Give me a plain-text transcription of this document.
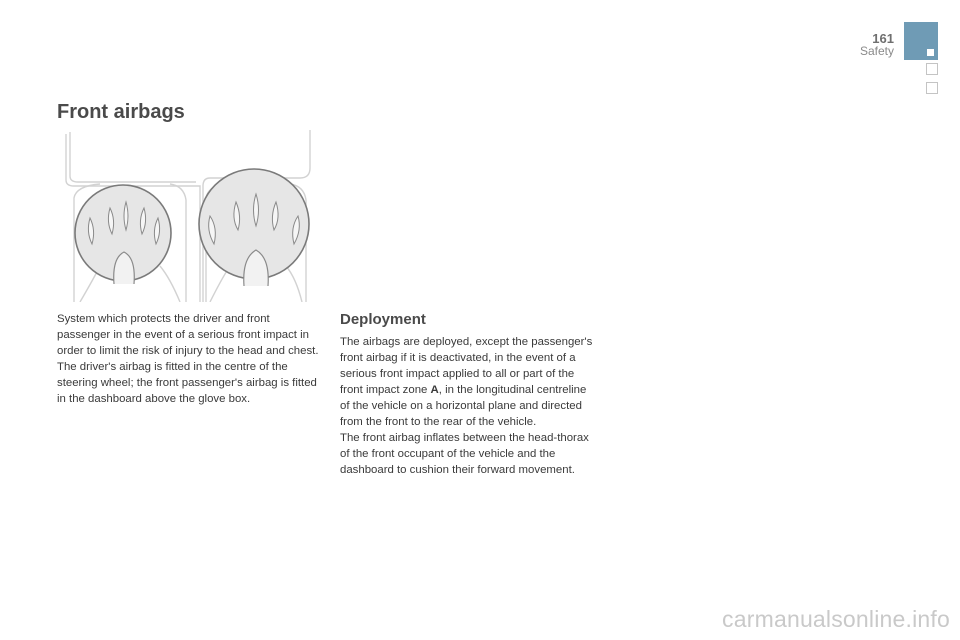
161
Safety
Front airbags

System which protects the driver and front passenger in the event of a serious front impact in order to limit the risk of injury to the head and chest.

The driver's airbag is fitted in the centre of the steering wheel; the front passenger's airbag is fitted in the dashboard above the glove box.

Deployment

The airbags are deployed, except the passenger's front airbag if it is deactivated, in the event of a serious front impact applied to all or part of the front impact zone A, in the longitudinal centreline of the vehicle on a horizontal plane and directed from the front to the rear of the vehicle.

The front airbag inflates between the head-thorax of the front occupant of the vehicle and the dashboard to cushion their forward movement.

carmanualsonline.info
